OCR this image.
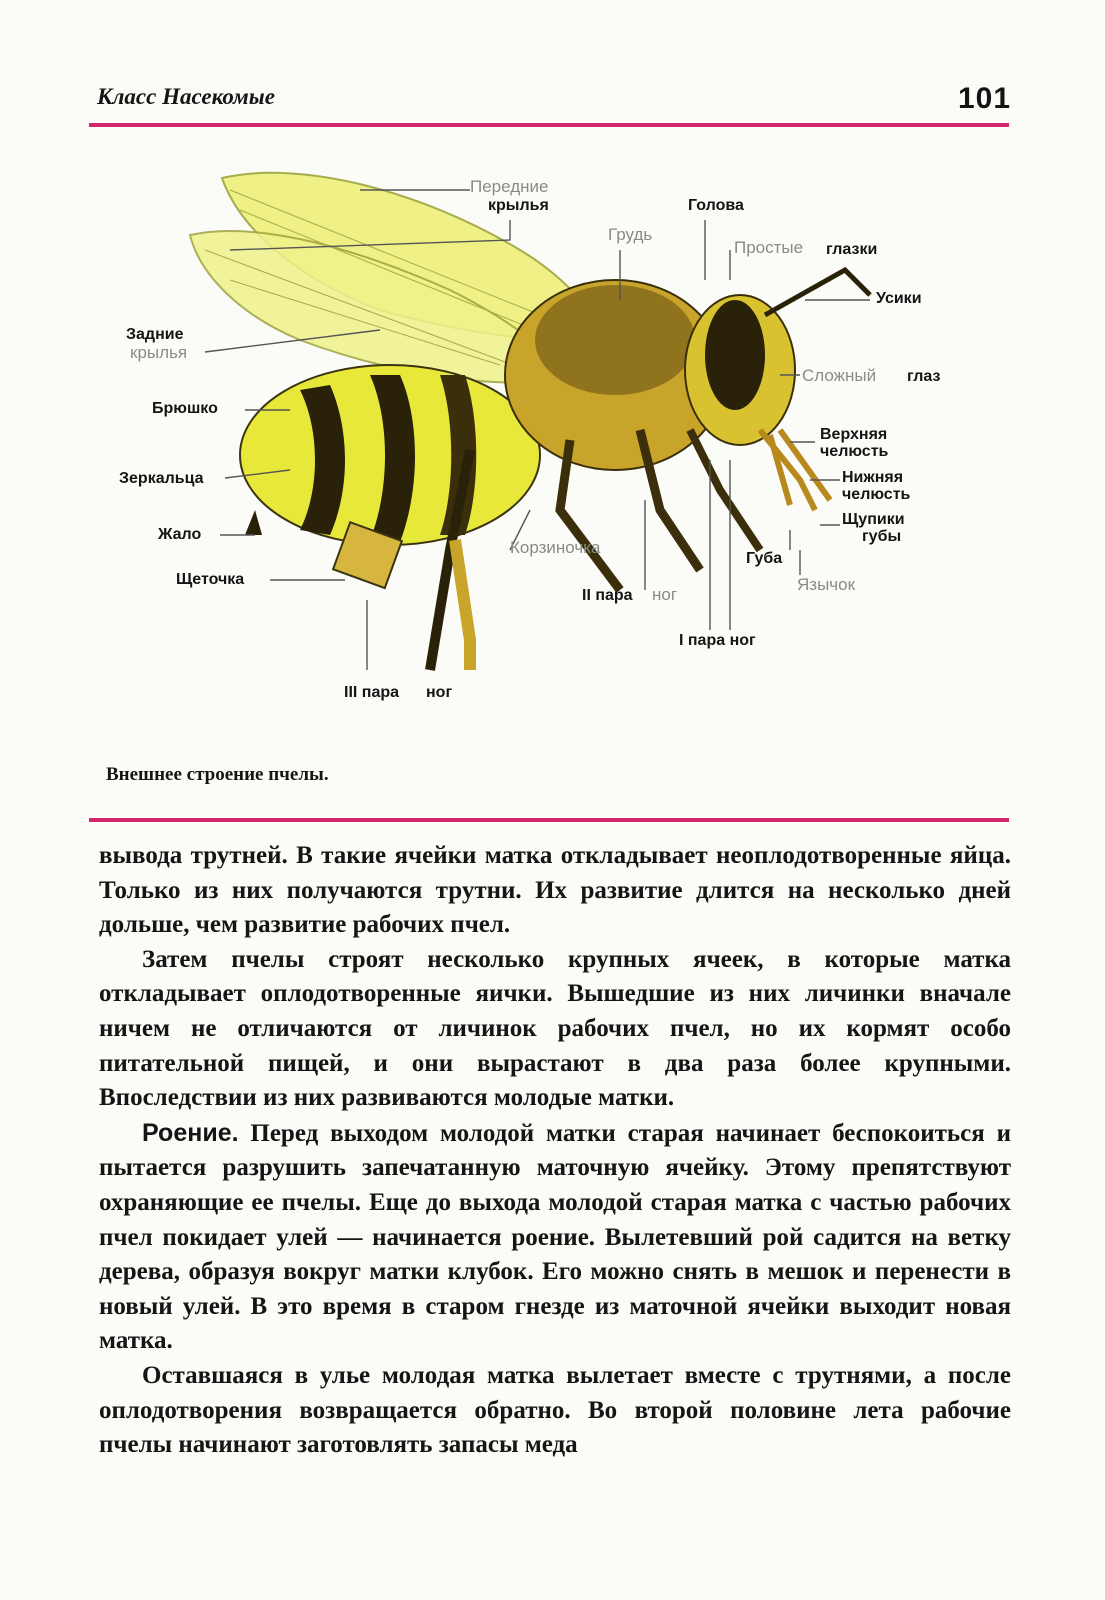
Класс Насекомые	101
Передние
крылья	Голова
Грудь
Простые глазки
Усики
Сложный глаз
Задние
крылья
Брюшко
Зеркальца
Жало
Щеточка
Верхняя
челюсть
Нижняя
челюсть
Щупики
губы
Корзиночка
Губа
Язычок
II пара ног
I пара ног
III пара ног
Внешнее строение пчелы.

вывода трутней. В такие ячейки матка откладывает неоплодотворенные яйца. Только из них получаются трутни. Их развитие длится на несколько дней дольше, чем развитие рабочих пчел.

Затем пчелы строят несколько крупных ячеек, в которые матка откладывает оплодотворенные яички. Вышедшие из них личинки вначале ничем не отличаются от личинок рабочих пчел, но их кормят особо питательной пищей, и они вырастают в два раза более крупными. Впоследствии из них развиваются молодые матки.

Роение. Перед выходом молодой матки старая начинает беспокоиться и пытается разрушить запечатанную маточную ячейку. Этому препятствуют охраняющие ее пчелы. Еще до выхода молодой старая матка с частью рабочих пчел покидает улей — начинается роение. Вылетевший рой садится на ветку дерева, образуя вокруг матки клубок. Его можно снять в мешок и перенести в новый улей. В это время в старом гнезде из маточной ячейки выходит новая матка.

Оставшаяся в улье молодая матка вылетает вместе с трутнями, а после оплодотворения возвращается обратно. Во второй половине лета рабочие пчелы начинают заготовлять запасы меда
